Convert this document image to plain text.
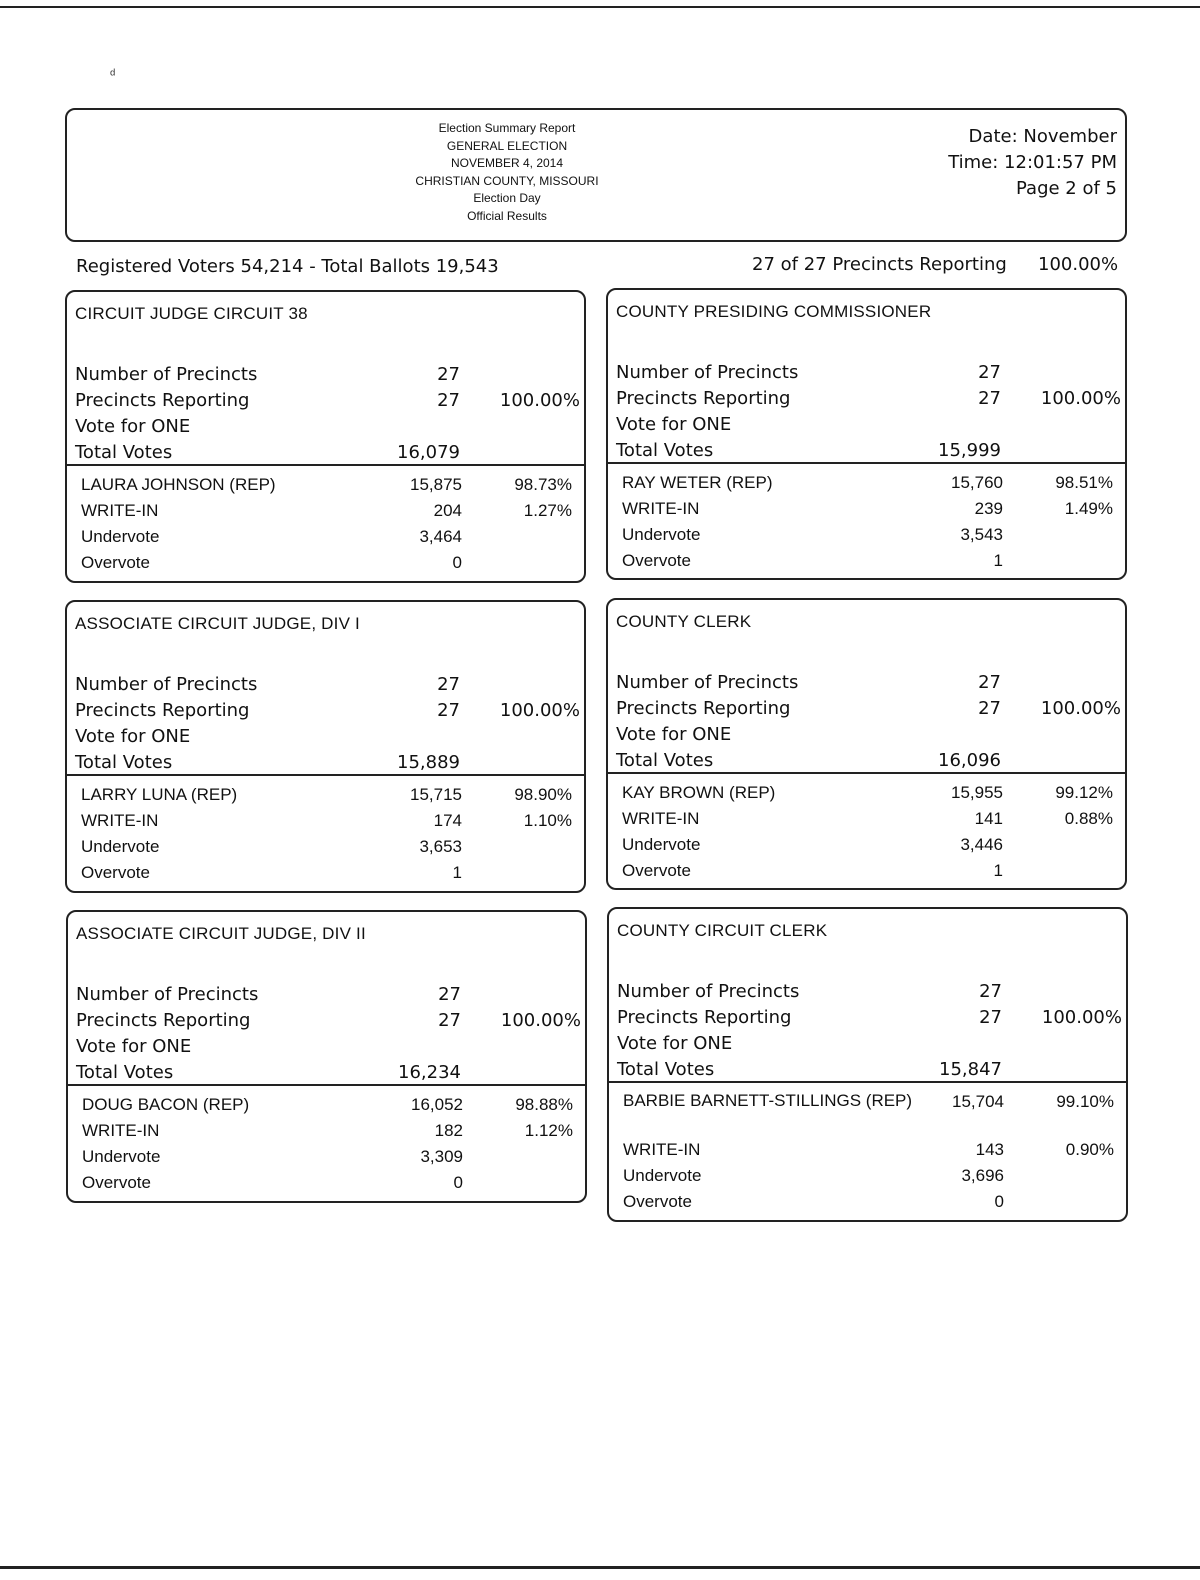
ᵈ
Election Summary Report
GENERAL ELECTION
NOVEMBER 4, 2014
CHRISTIAN COUNTY, MISSOURI
Election Day
Official Results
Date: November
Time: 12:01:57 PM
Page 2 of 5
Registered Voters 54,214 - Total Ballots 19,543	27 of 27 Precincts Reporting 100.00%
CIRCUIT JUDGE CIRCUIT 38
Number of Precincts	27
Precincts Reporting	27 100.00%
Vote for ONE
Total Votes	16,079
LAURA JOHNSON (REP)	15,875	98.73%
WRITE-IN	204	1.27%
Undervote	3,464
Overvote	0
COUNTY PRESIDING COMMISSIONER
Number of Precincts	27
Precincts Reporting	27 100.00%
Vote for ONE
Total Votes	15,999
RAY WETER (REP)	15,760	98.51%
WRITE-IN	239	1.49%
Undervote	3,543
Overvote	1
ASSOCIATE CIRCUIT JUDGE, DIV I
Number of Precincts	27
Precincts Reporting	27 100.00%
Vote for ONE
Total Votes	15,889
LARRY LUNA (REP)	15,715	98.90%
WRITE-IN	174	1.10%
Undervote	3,653
Overvote	1
COUNTY CLERK
Number of Precincts	27
Precincts Reporting	27 100.00%
Vote for ONE
Total Votes	16,096
KAY BROWN (REP)	15,955	99.12%
WRITE-IN	141	0.88%
Undervote	3,446
Overvote	1
ASSOCIATE CIRCUIT JUDGE, DIV II
Number of Precincts	27
Precincts Reporting	27 100.00%
Vote for ONE
Total Votes	16,234
DOUG BACON (REP)	16,052	98.88%
WRITE-IN	182	1.12%
Undervote	3,309
Overvote	0
COUNTY CIRCUIT CLERK
Number of Precincts	27
Precincts Reporting	27 100.00%
Vote for ONE
Total Votes	15,847
BARBIE BARNETT-STILLINGS (REP)	15,704	99.10%
WRITE-IN	143	0.90%
Undervote	3,696
Overvote	0
